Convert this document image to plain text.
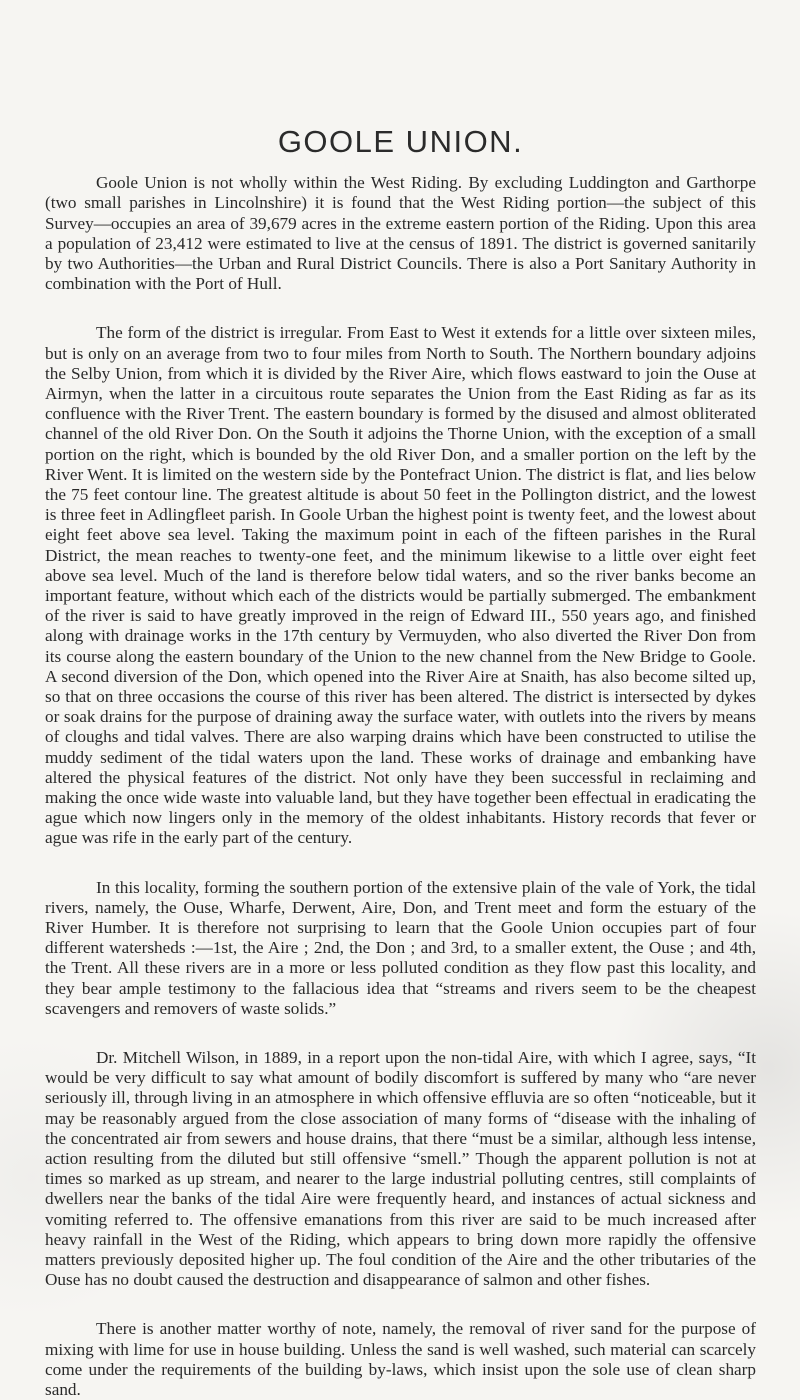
GOOLE UNION.

Goole Union is not wholly within the West Riding. By excluding Luddington and Garthorpe (two small parishes in Lincolnshire) it is found that the West Riding portion—the subject of this Survey—occupies an area of 39,679 acres in the extreme eastern portion of the Riding. Upon this area a population of 23,412 were estimated to live at the census of 1891. The district is governed sanitarily by two Authorities—the Urban and Rural District Councils. There is also a Port Sanitary Authority in combination with the Port of Hull.

The form of the district is irregular. From East to West it extends for a little over sixteen miles, but is only on an average from two to four miles from North to South. The Northern boundary adjoins the Selby Union, from which it is divided by the River Aire, which flows eastward to join the Ouse at Airmyn, when the latter in a circuitous route separates the Union from the East Riding as far as its confluence with the River Trent. The eastern boundary is formed by the disused and almost obliterated channel of the old River Don. On the South it adjoins the Thorne Union, with the exception of a small portion on the right, which is bounded by the old River Don, and a smaller portion on the left by the River Went. It is limited on the western side by the Pontefract Union. The district is flat, and lies below the 75 feet contour line. The greatest altitude is about 50 feet in the Pollington district, and the lowest is three feet in Adlingfleet parish. In Goole Urban the highest point is twenty feet, and the lowest about eight feet above sea level. Taking the maximum point in each of the fifteen parishes in the Rural District, the mean reaches to twenty-one feet, and the minimum likewise to a little over eight feet above sea level. Much of the land is therefore below tidal waters, and so the river banks become an important feature, without which each of the districts would be partially submerged. The embankment of the river is said to have greatly improved in the reign of Edward III., 550 years ago, and finished along with drainage works in the 17th century by Vermuyden, who also diverted the River Don from its course along the eastern boundary of the Union to the new channel from the New Bridge to Goole. A second diversion of the Don, which opened into the River Aire at Snaith, has also become silted up, so that on three occasions the course of this river has been altered. The district is intersected by dykes or soak drains for the purpose of draining away the surface water, with outlets into the rivers by means of cloughs and tidal valves. There are also warping drains which have been constructed to utilise the muddy sediment of the tidal waters upon the land. These works of drainage and embanking have altered the physical features of the district. Not only have they been successful in reclaiming and making the once wide waste into valuable land, but they have together been effectual in eradicating the ague which now lingers only in the memory of the oldest inhabitants. History records that fever or ague was rife in the early part of the century.

In this locality, forming the southern portion of the extensive plain of the vale of York, the tidal rivers, namely, the Ouse, Wharfe, Derwent, Aire, Don, and Trent meet and form the estuary of the River Humber. It is therefore not surprising to learn that the Goole Union occupies part of four different watersheds :—1st, the Aire ; 2nd, the Don ; and 3rd, to a smaller extent, the Ouse ; and 4th, the Trent. All these rivers are in a more or less polluted condition as they flow past this locality, and they bear ample testimony to the fallacious idea that “streams and rivers seem to be the cheapest scavengers and removers of waste solids.”

Dr. Mitchell Wilson, in 1889, in a report upon the non-tidal Aire, with which I agree, says, “It would be very difficult to say what amount of bodily discomfort is suffered by many who “are never seriously ill, through living in an atmosphere in which offensive effluvia are so often “noticeable, but it may be reasonably argued from the close association of many forms of “disease with the inhaling of the concentrated air from sewers and house drains, that there “must be a similar, although less intense, action resulting from the diluted but still offensive “smell.” Though the apparent pollution is not at times so marked as up stream, and nearer to the large industrial polluting centres, still complaints of dwellers near the banks of the tidal Aire were frequently heard, and instances of actual sickness and vomiting referred to. The offensive emanations from this river are said to be much increased after heavy rainfall in the West of the Riding, which appears to bring down more rapidly the offensive matters previously deposited higher up. The foul condition of the Aire and the other tributaries of the Ouse has no doubt caused the destruction and disappearance of salmon and other fishes.

There is another matter worthy of note, namely, the removal of river sand for the purpose of mixing with lime for use in house building. Unless the sand is well washed, such material can scarcely come under the requirements of the building by-laws, which insist upon the sole use of clean sharp sand.
